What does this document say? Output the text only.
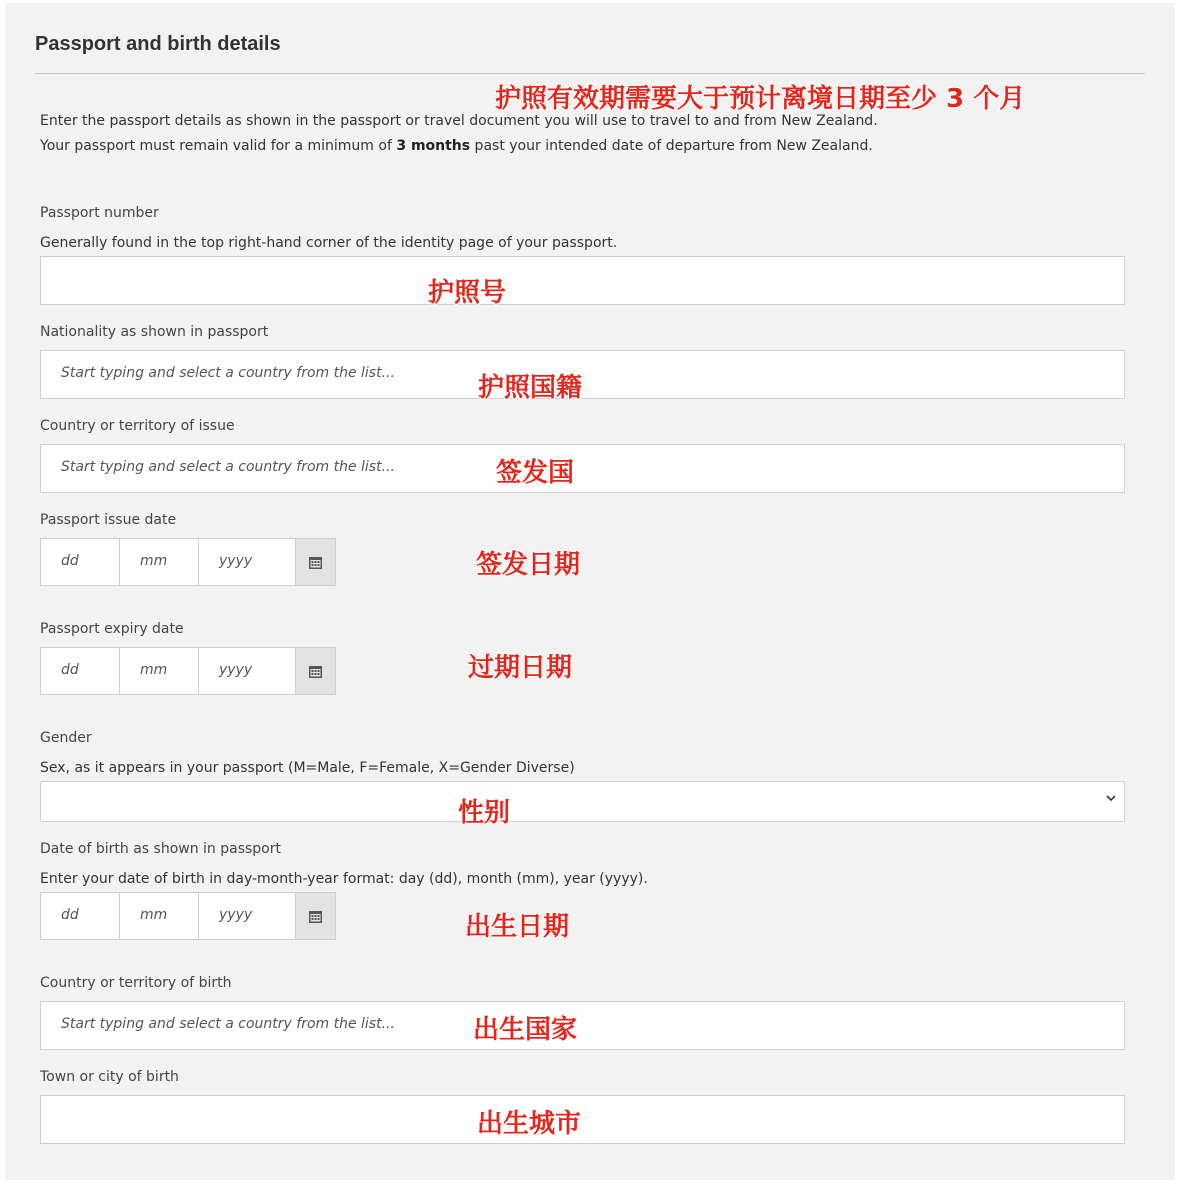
Passport and birth details
Enter the passport details as shown in the passport or travel document you will use to travel to and from New Zealand.
Your passport must remain valid for a minimum of 3 months past your intended date of departure from New Zealand.
Passport number
Generally found in the top right-hand corner of the identity page of your passport.
Nationality as shown in passport
Start typing and select a country from the list...
Country or territory of issue
Start typing and select a country from the list...
Passport issue date
dd	mm	yyyy
Passport expiry date
dd	mm	yyyy
Gender
Sex, as it appears in your passport (M=Male, F=Female, X=Gender Diverse)
Date of birth as shown in passport
Enter your date of birth in day-month-year format: day (dd), month (mm), year (yyyy).
dd	mm	yyyy
Country or territory of birth
Start typing and select a country from the list...
Town or city of birth
护照有效期需要大于预计离境日期至少 3 个月
护照号
护照国籍
签发国
签发日期
过期日期
性别
出生日期
出生国家
出生城市
